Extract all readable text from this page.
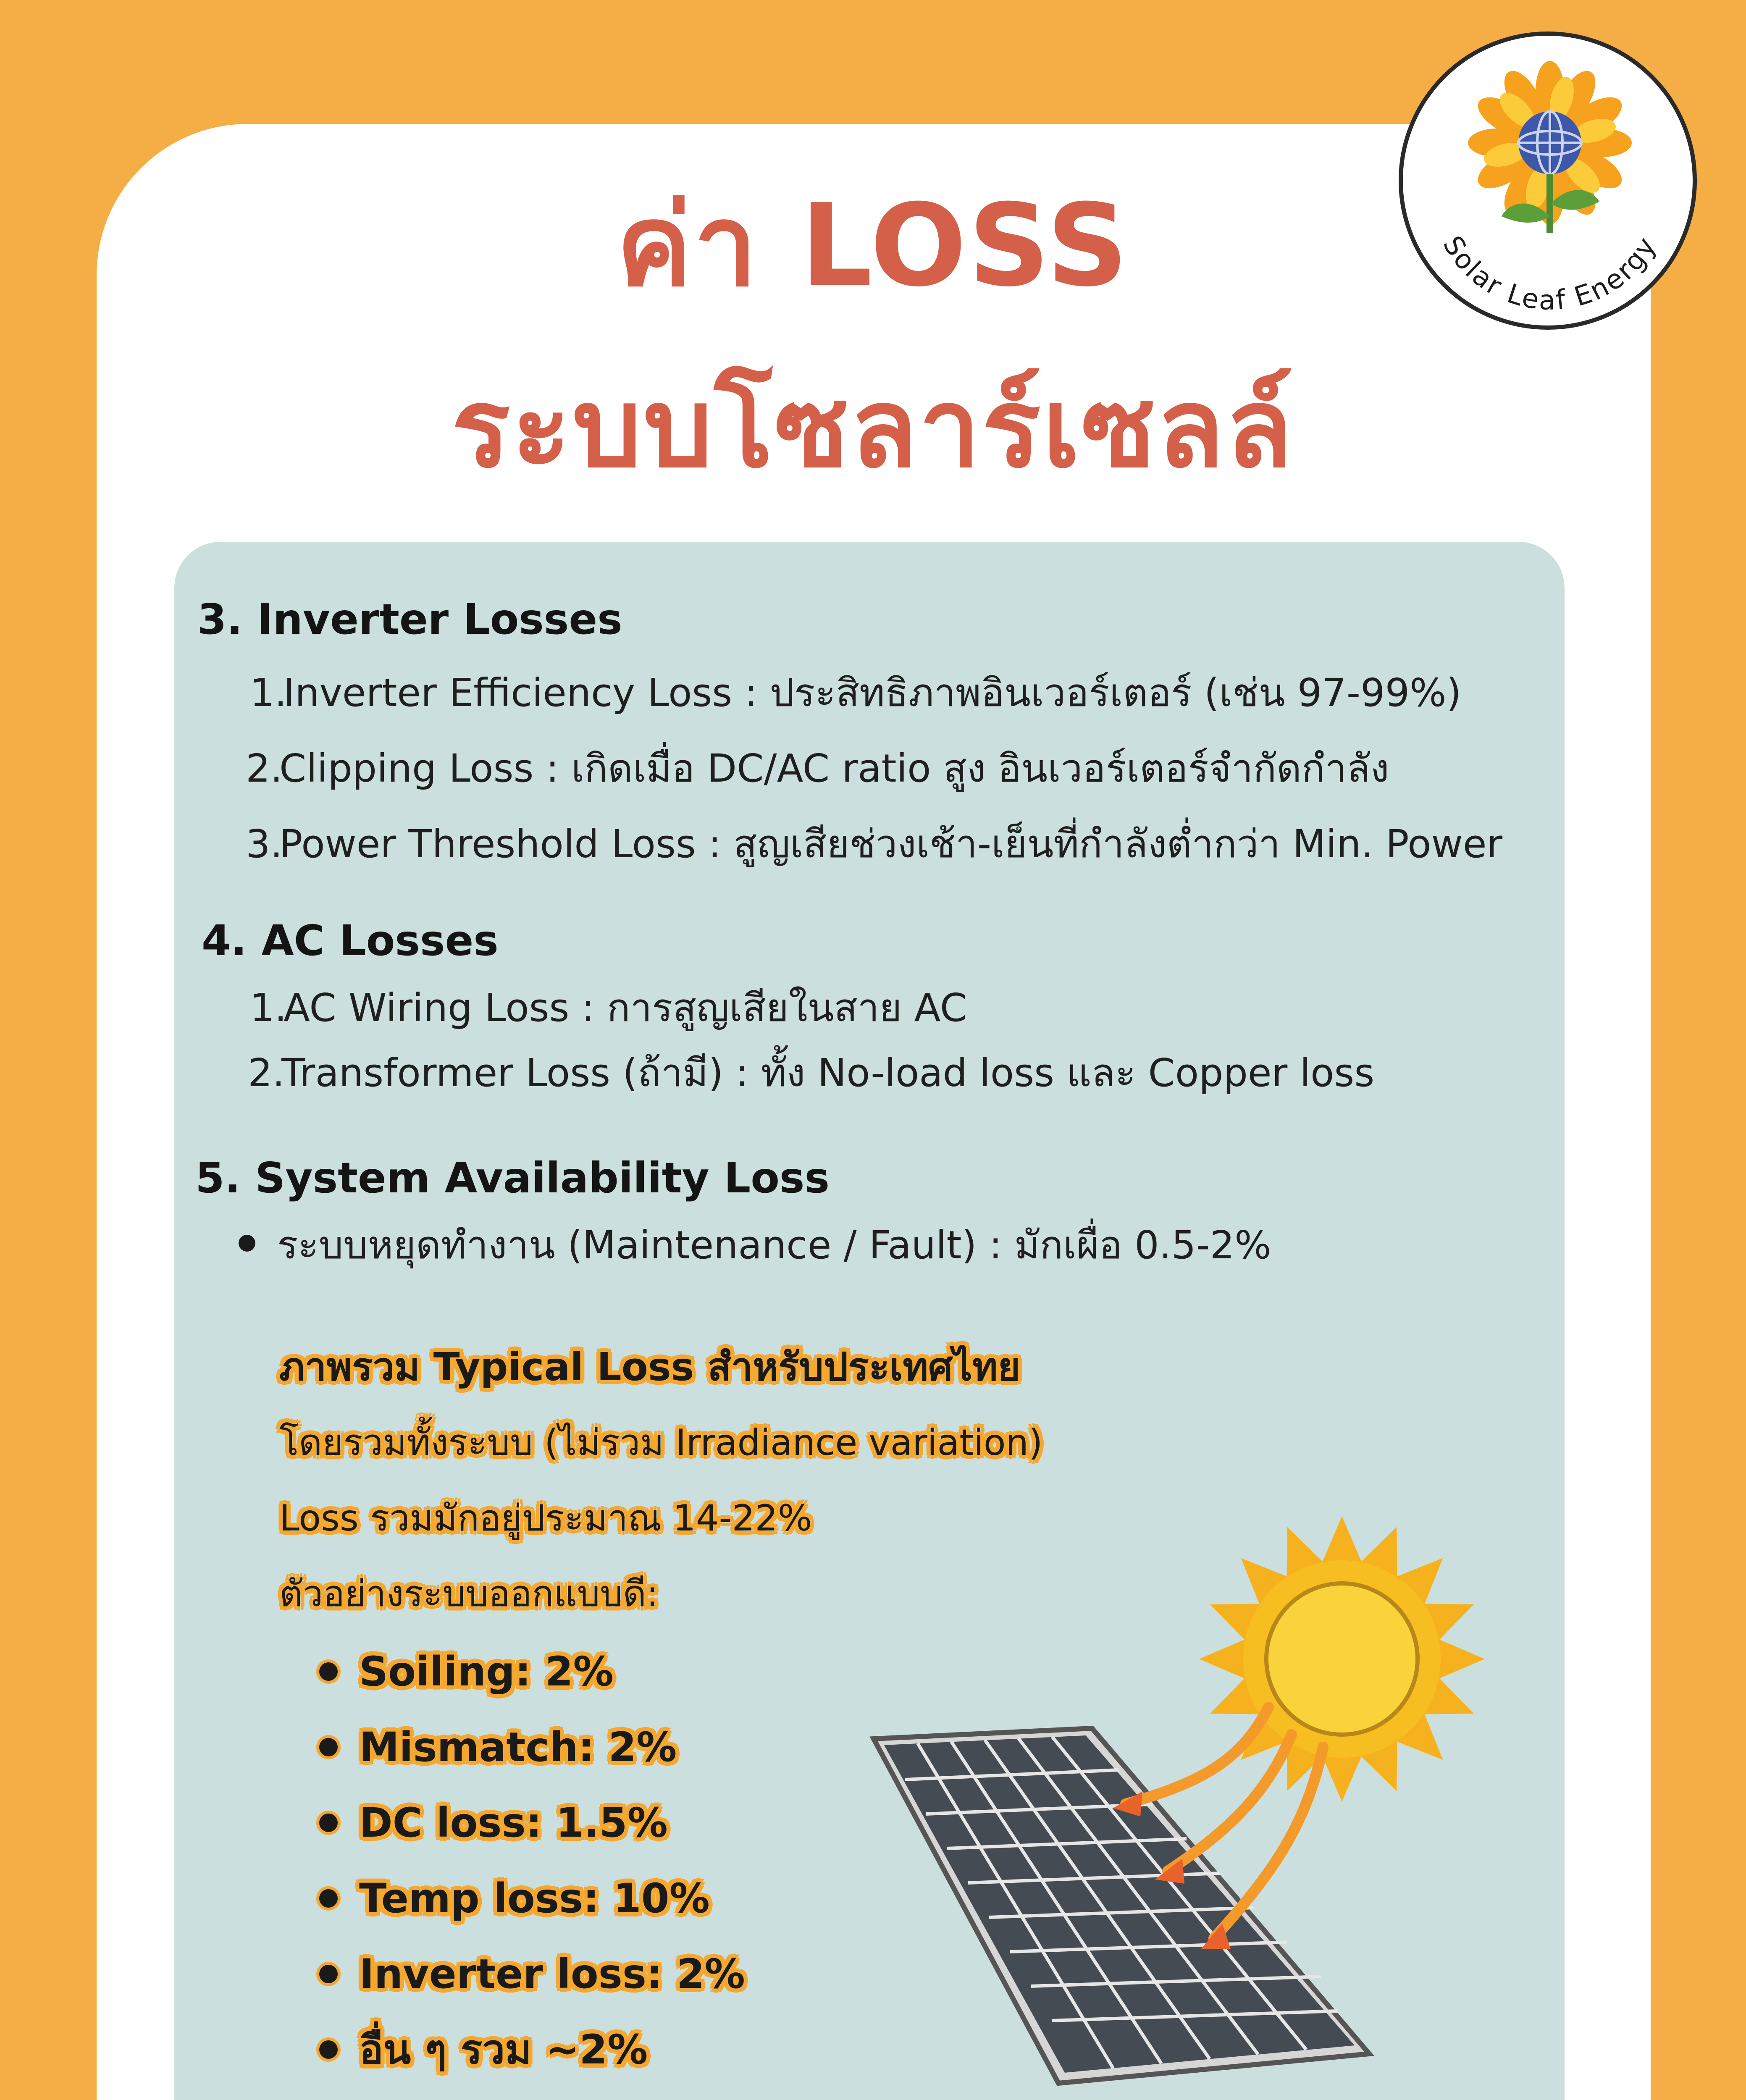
ค่า LOSS
ระบบโซลาร์เซลล์
Solar Leaf Energy
3. Inverter Losses
1.Inverter Efficiency Loss : ประสิทธิภาพอินเวอร์เตอร์ (เช่น 97-99%)
2.Clipping Loss : เกิดเมื่อ DC/AC ratio สูง อินเวอร์เตอร์จำกัดกำลัง
3.Power Threshold Loss : สูญเสียช่วงเช้า-เย็นที่กำลังต่ำกว่า Min. Power
4. AC Losses
1.AC Wiring Loss : การสูญเสียในสาย AC
2.Transformer Loss (ถ้ามี) : ทั้ง No-load loss และ Copper loss
5. System Availability Loss
ระบบหยุดทำงาน (Maintenance / Fault) : มักเผื่อ 0.5-2%
ภาพรวม Typical Loss สำหรับประเทศไทย
โดยรวมทั้งระบบ (ไม่รวม Irradiance variation)
Loss รวมมักอยู่ประมาณ 14-22%
ตัวอย่างระบบออกแบบดี:
Soiling: 2%
Mismatch: 2%
DC loss: 1.5%
Temp loss: 10%
Inverter loss: 2%
อื่น ๆ รวม ~2%
